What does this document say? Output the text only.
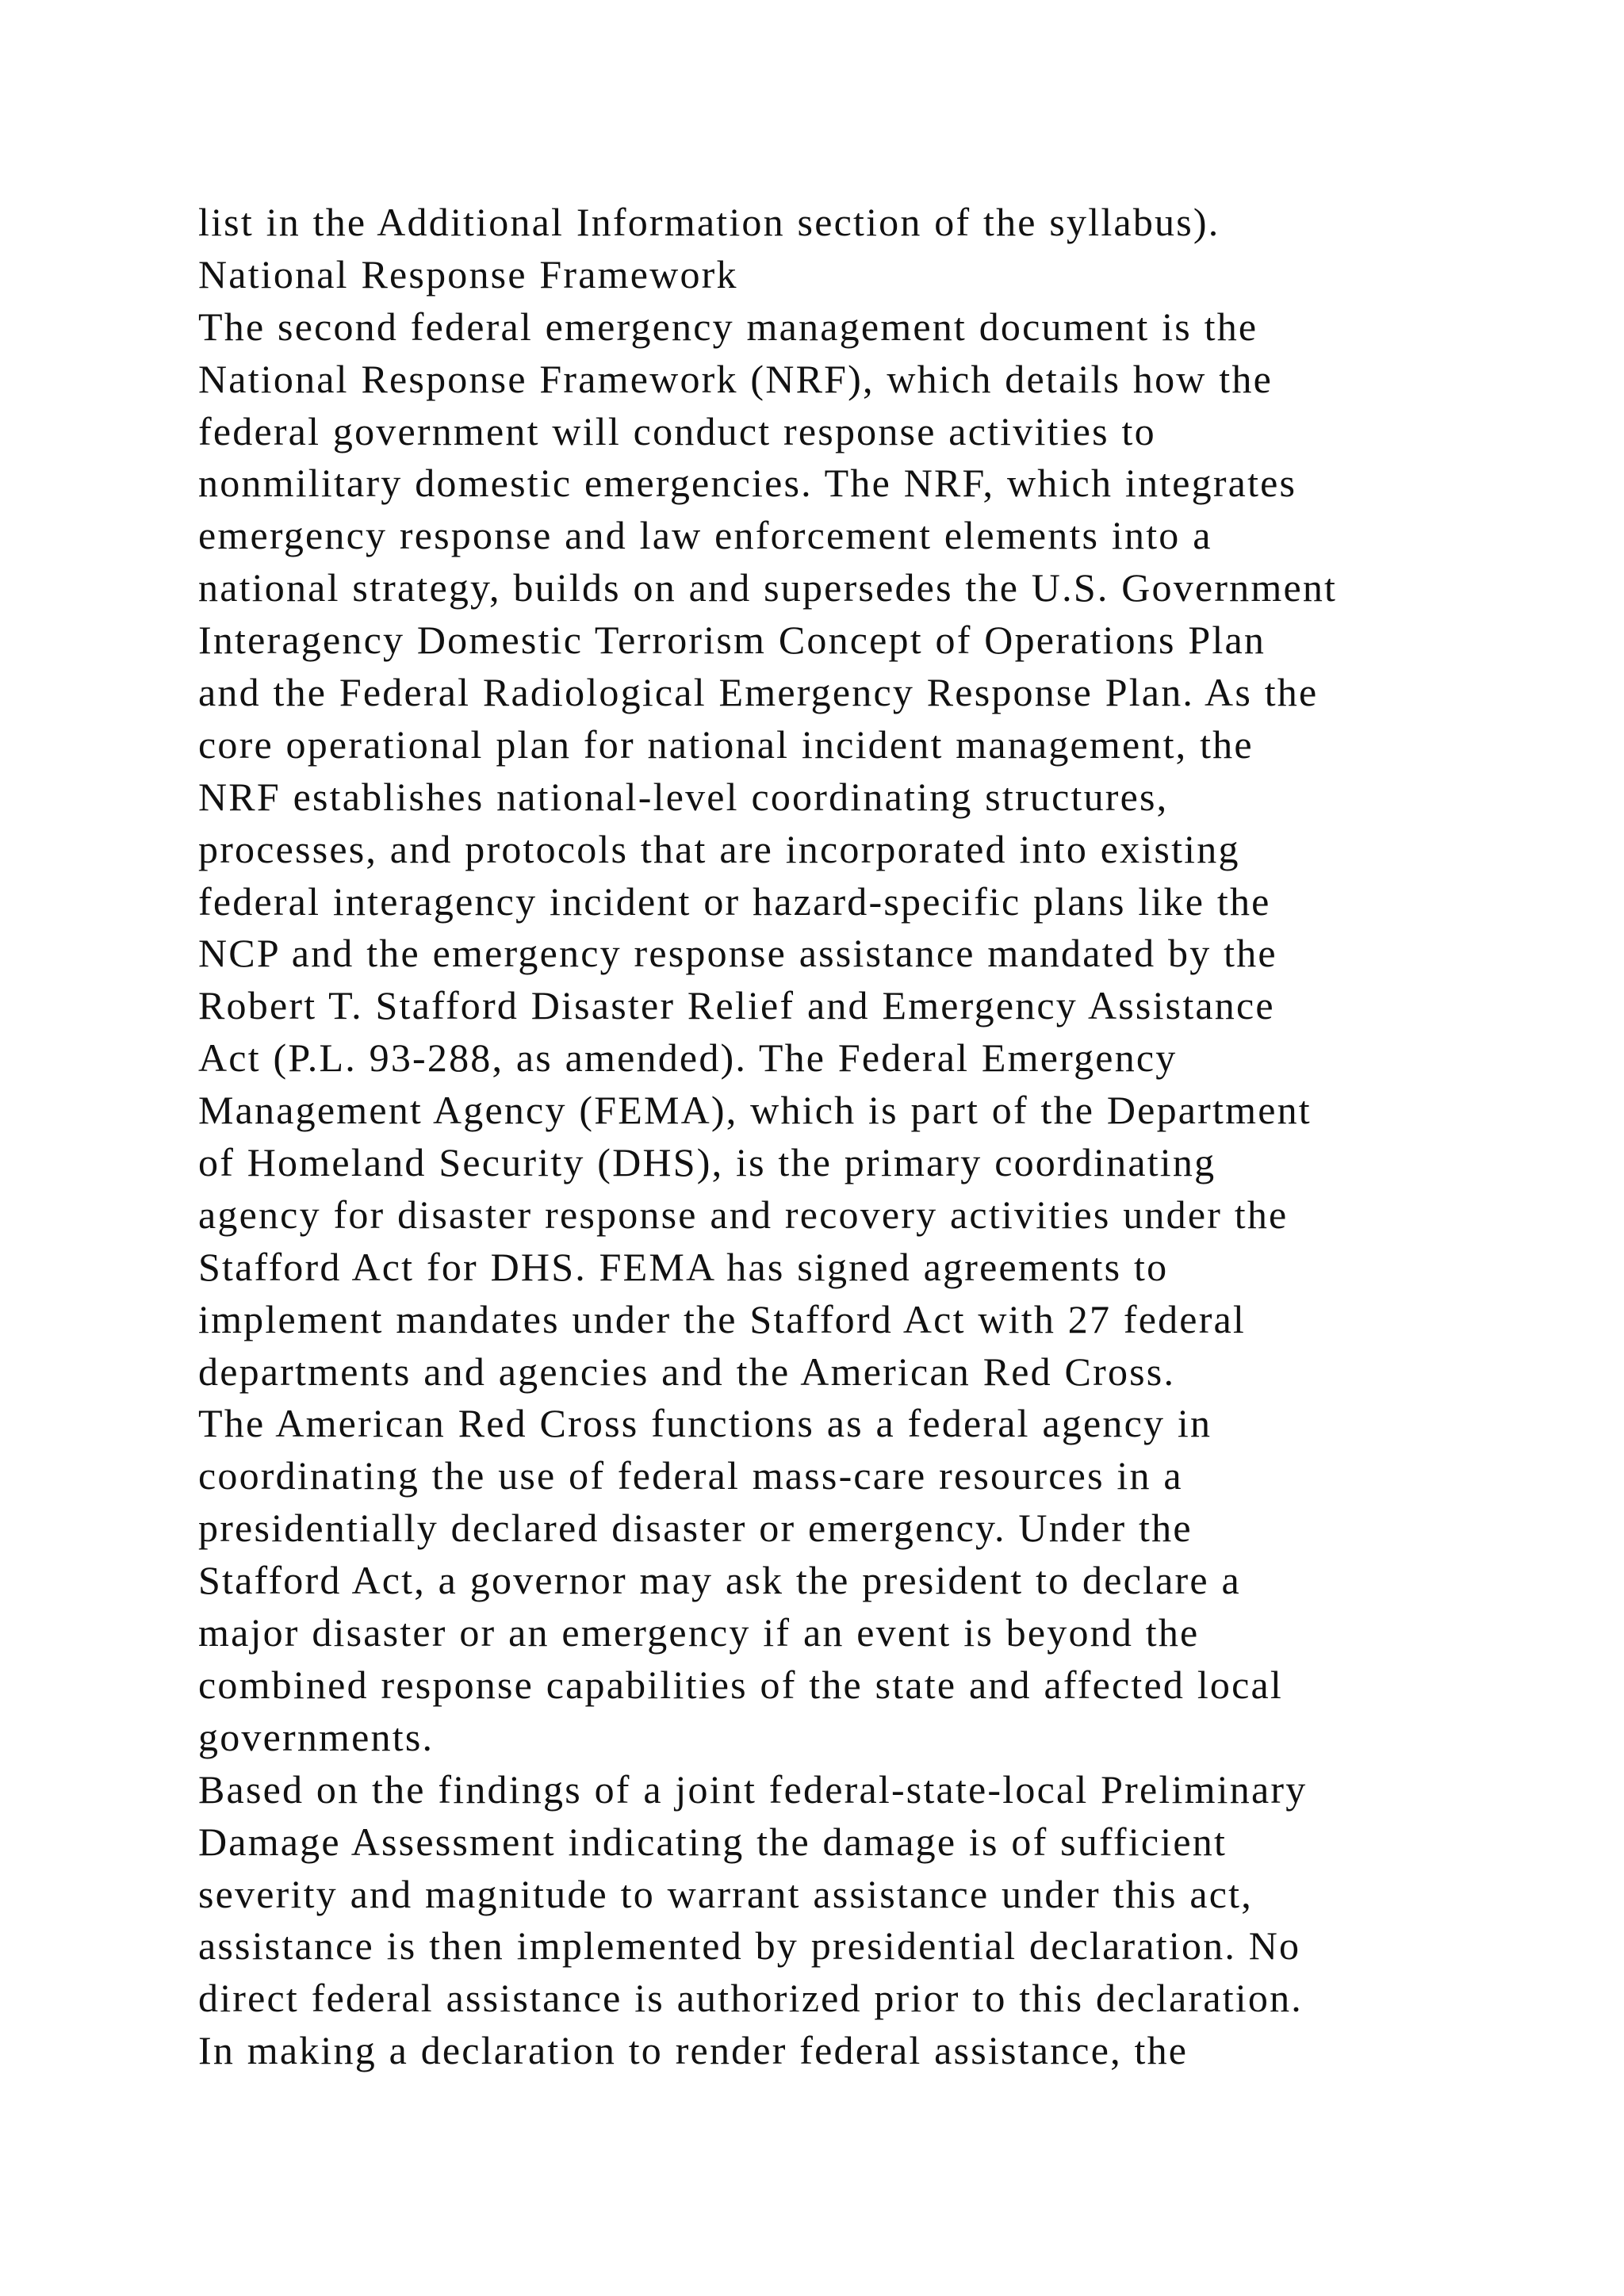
list in the Additional Information section of the syllabus).
National Response Framework
The second federal emergency management document is the
National Response Framework (NRF), which details how the
federal government will conduct response activities to
nonmilitary domestic emergencies. The NRF, which integrates
emergency response and law enforcement elements into a
national strategy, builds on and supersedes the U.S. Government
Interagency Domestic Terrorism Concept of Operations Plan
and the Federal Radiological Emergency Response Plan. As the
core operational plan for national incident management, the
NRF establishes national-level coordinating structures,
processes, and protocols that are incorporated into existing
federal interagency incident or hazard-specific plans like the
NCP and the emergency response assistance mandated by the
Robert T. Stafford Disaster Relief and Emergency Assistance
Act (P.L. 93-288, as amended). The Federal Emergency
Management Agency (FEMA), which is part of the Department
of Homeland Security (DHS), is the primary coordinating
agency for disaster response and recovery activities under the
Stafford Act for DHS. FEMA has signed agreements to
implement mandates under the Stafford Act with 27 federal
departments and agencies and the American Red Cross.
The American Red Cross functions as a federal agency in
coordinating the use of federal mass-care resources in a
presidentially declared disaster or emergency. Under the
Stafford Act, a governor may ask the president to declare a
major disaster or an emergency if an event is beyond the
combined response capabilities of the state and affected local
governments.
Based on the findings of a joint federal-state-local Preliminary
Damage Assessment indicating the damage is of sufficient
severity and magnitude to warrant assistance under this act,
assistance is then implemented by presidential declaration. No
direct federal assistance is authorized prior to this declaration.
In making a declaration to render federal assistance, the
